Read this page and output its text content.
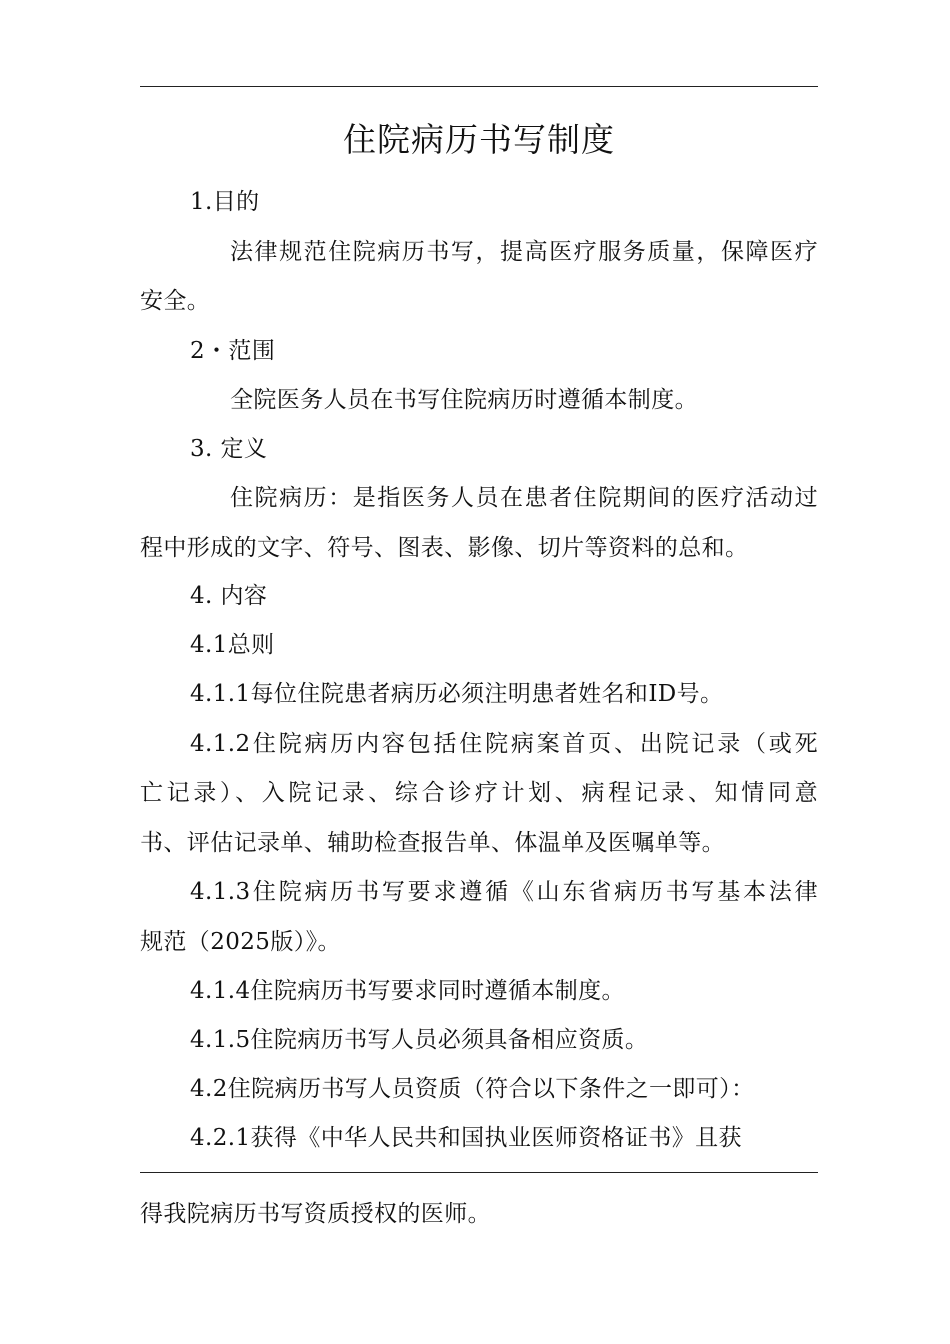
住院病历书写制度
1.目的
法律规范住院病历书写，提高医疗服务质量，保障医疗
安全。
2・范围
全院医务人员在书写住院病历时遵循本制度。
3. 定义
住院病历：是指医务人员在患者住院期间的医疗活动过
程中形成的文字、符号、图表、影像、切片等资料的总和。
4. 内容
4.1总则
4.1.1每位住院患者病历必须注明患者姓名和ID号。
4.1.2住院病历内容包括住院病案首页、出院记录（或死
亡记录）、入院记录、综合诊疗计划、病程记录、知情同意
书、评估记录单、辅助检查报告单、体温单及医嘱单等。
4.1.3住院病历书写要求遵循《山东省病历书写基本法律
规范（2025版）》。
4.1.4住院病历书写要求同时遵循本制度。
4.1.5住院病历书写人员必须具备相应资质。
4.2住院病历书写人员资质（符合以下条件之一即可）：
4.2.1获得《中华人民共和国执业医师资格证书》且获
得我院病历书写资质授权的医师。
